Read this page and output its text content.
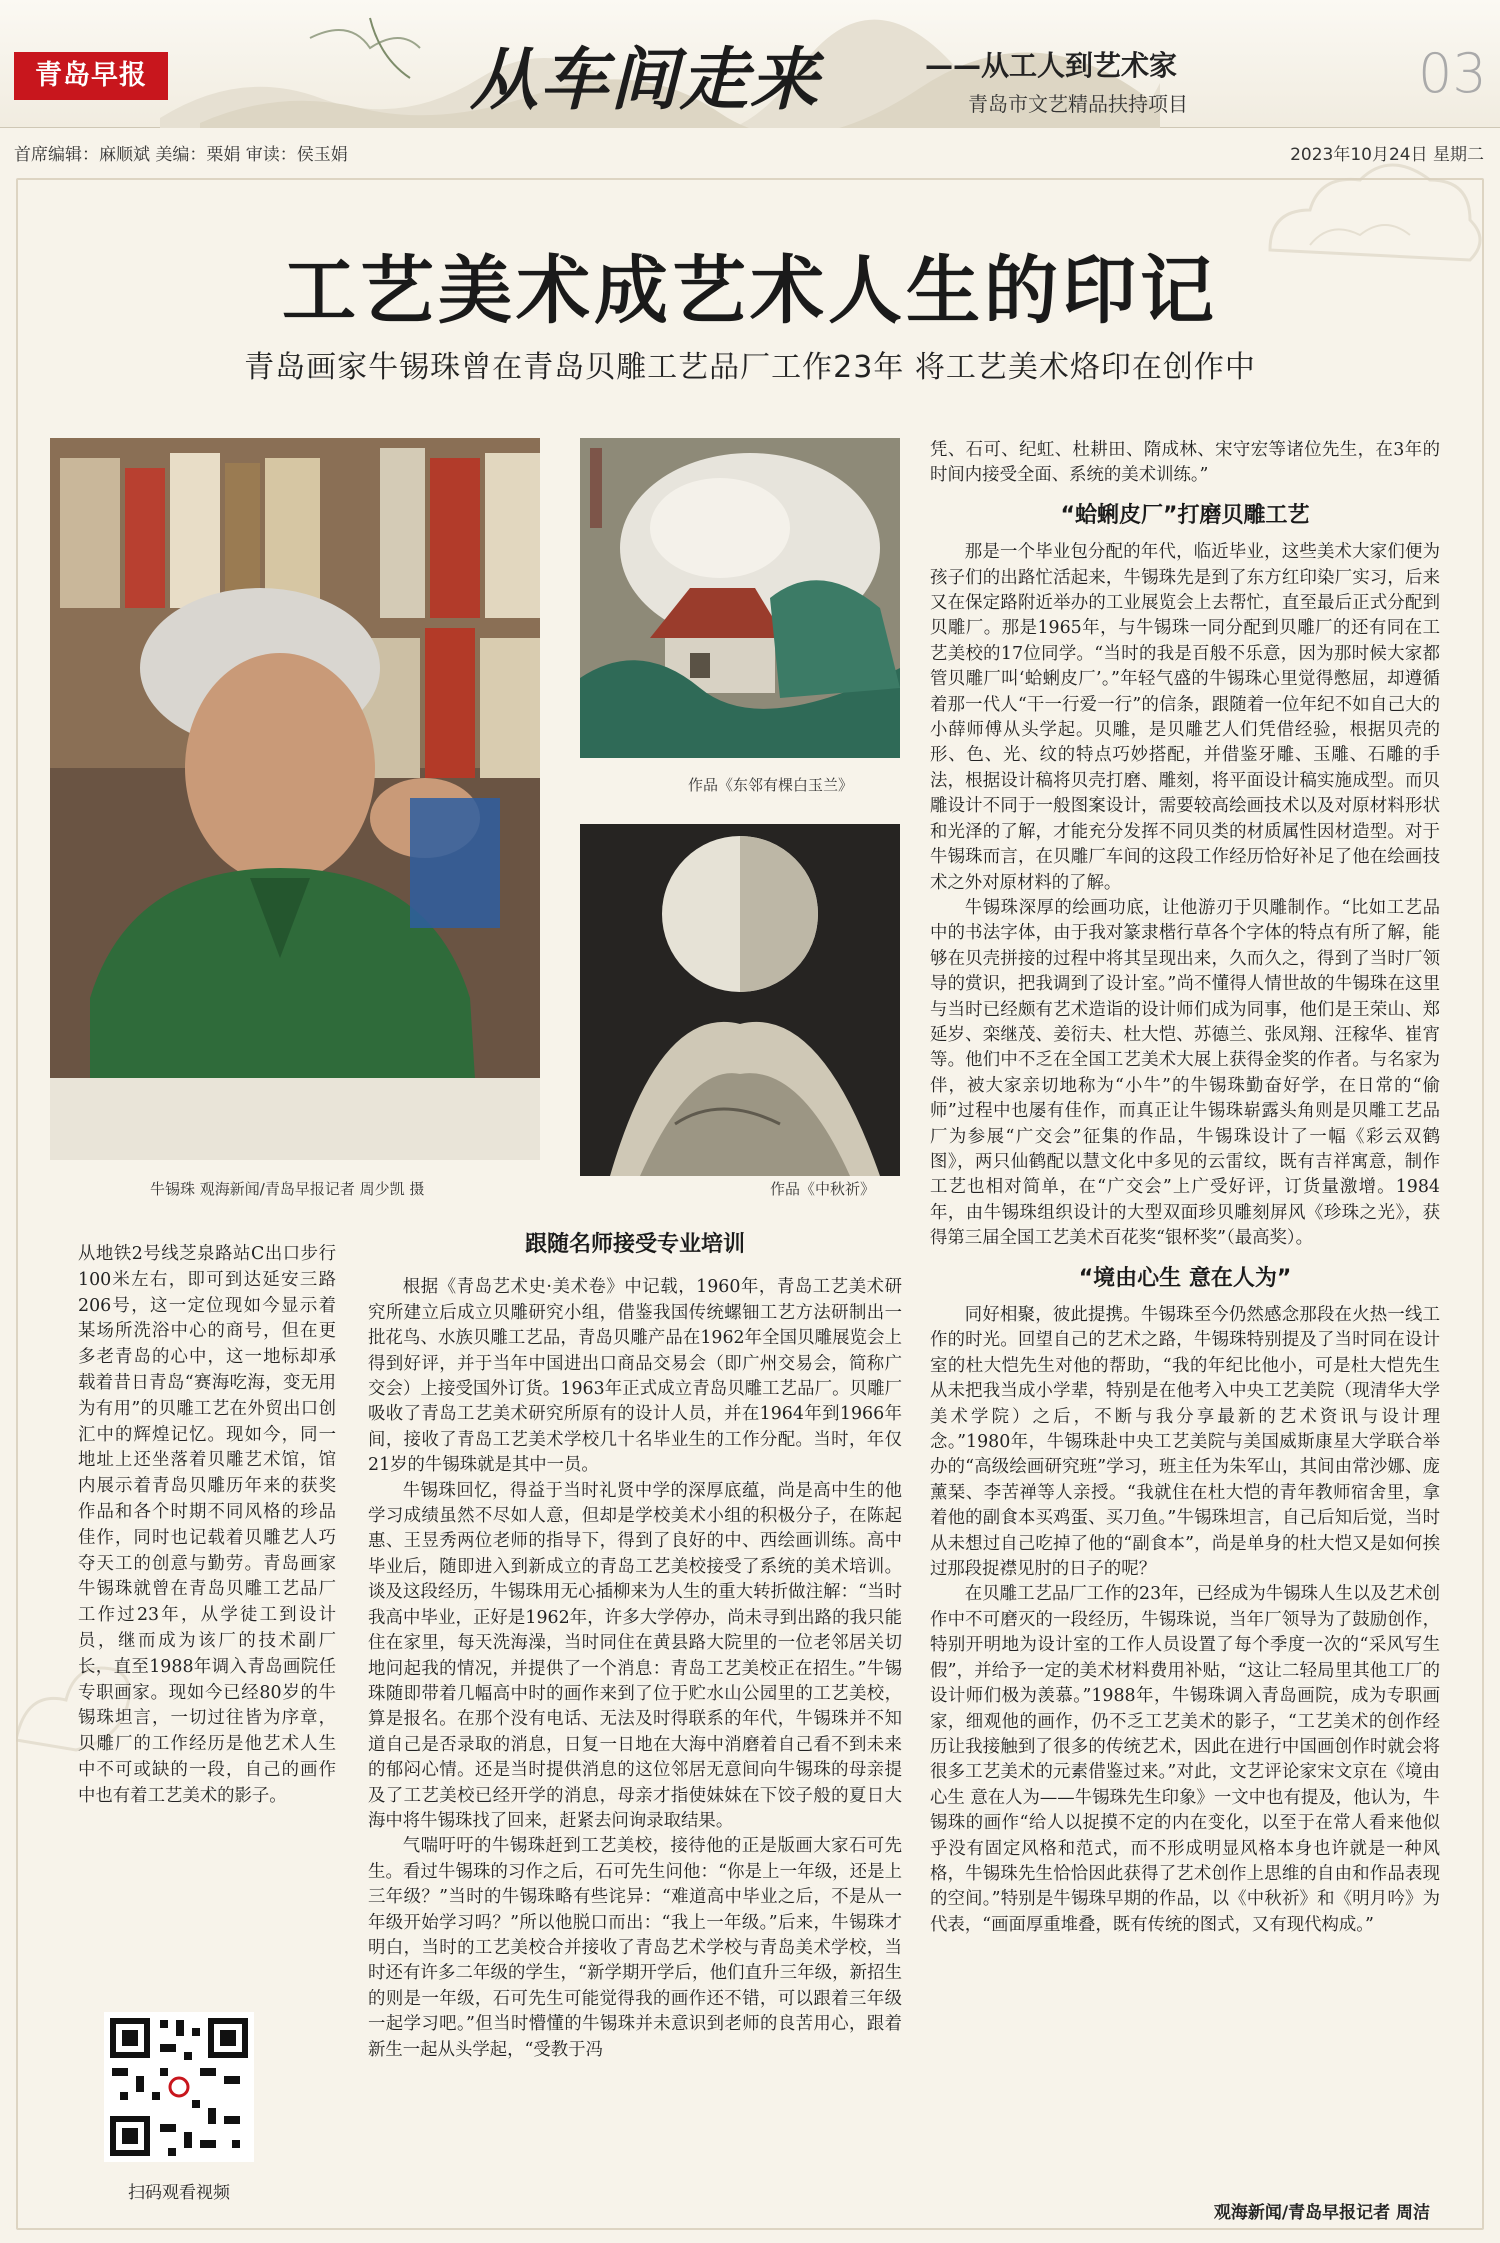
青岛早报	从车间走来	——从工人到艺术家
青岛市文艺精品扶持项目	03
首席编辑：麻顺斌 美编：栗娟 审读：侯玉娟	2023年10月24日 星期二
工艺美术成艺术人生的印记
青岛画家牛锡珠曾在青岛贝雕工艺品厂工作23年 将工艺美术烙印在创作中
牛锡珠 观海新闻/青岛早报记者 周少凯 摄
作品《东邻有棵白玉兰》
作品《中秋祈》
从地铁2号线芝泉路站C出口步行100米左右，即可到达延安三路206号，这一定位现如今显示着某场所洗浴中心的商号，但在更多老青岛的心中，这一地标却承载着昔日青岛“赛海吃海，变无用为有用”的贝雕工艺在外贸出口创汇中的辉煌记忆。现如今，同一地址上还坐落着贝雕艺术馆，馆内展示着青岛贝雕历年来的获奖作品和各个时期不同风格的珍品佳作，同时也记载着贝雕艺人巧夺天工的创意与勤劳。青岛画家牛锡珠就曾在青岛贝雕工艺品厂工作过23年，从学徒工到设计员，继而成为该厂的技术副厂长，直至1988年调入青岛画院任专职画家。现如今已经80岁的牛锡珠坦言，一切过往皆为序章，贝雕厂的工作经历是他艺术人生中不可或缺的一段，自己的画作中也有着工艺美术的影子。
扫码观看视频

跟随名师接受专业培训

根据《青岛艺术史·美术卷》中记载，1960年，青岛工艺美术研究所建立后成立贝雕研究小组，借鉴我国传统螺钿工艺方法研制出一批花鸟、水族贝雕工艺品，青岛贝雕产品在1962年全国贝雕展览会上得到好评，并于当年中国进出口商品交易会（即广州交易会，简称广交会）上接受国外订货。1963年正式成立青岛贝雕工艺品厂。贝雕厂吸收了青岛工艺美术研究所原有的设计人员，并在1964年到1966年间，接收了青岛工艺美术学校几十名毕业生的工作分配。当时，年仅21岁的牛锡珠就是其中一员。

牛锡珠回忆，得益于当时礼贤中学的深厚底蕴，尚是高中生的他学习成绩虽然不尽如人意，但却是学校美术小组的积极分子，在陈起惠、王昱秀两位老师的指导下，得到了良好的中、西绘画训练。高中毕业后，随即进入到新成立的青岛工艺美校接受了系统的美术培训。谈及这段经历，牛锡珠用无心插柳来为人生的重大转折做注解：“当时我高中毕业，正好是1962年，许多大学停办，尚未寻到出路的我只能住在家里，每天洗海澡，当时同住在黄县路大院里的一位老邻居关切地问起我的情况，并提供了一个消息：青岛工艺美校正在招生。”牛锡珠随即带着几幅高中时的画作来到了位于贮水山公园里的工艺美校，算是报名。在那个没有电话、无法及时得联系的年代，牛锡珠并不知道自己是否录取的消息，日复一日地在大海中消磨着自己看不到未来的郁闷心情。还是当时提供消息的这位邻居无意间向牛锡珠的母亲提及了工艺美校已经开学的消息，母亲才指使妹妹在下饺子般的夏日大海中将牛锡珠找了回来，赶紧去问询录取结果。

气喘吁吁的牛锡珠赶到工艺美校，接待他的正是版画大家石可先生。看过牛锡珠的习作之后，石可先生问他：“你是上一年级，还是上三年级？”当时的牛锡珠略有些诧异：“难道高中毕业之后，不是从一年级开始学习吗？”所以他脱口而出：“我上一年级。”后来，牛锡珠才明白，当时的工艺美校合并接收了青岛艺术学校与青岛美术学校，当时还有许多二年级的学生，“新学期开学后，他们直升三年级，新招生的则是一年级，石可先生可能觉得我的画作还不错，可以跟着三年级一起学习吧。”但当时懵懂的牛锡珠并未意识到老师的良苦用心，跟着新生一起从头学起，“受教于冯

凭、石可、纪虹、杜耕田、隋成林、宋守宏等诸位先生，在3年的时间内接受全面、系统的美术训练。”

“蛤蜊皮厂”打磨贝雕工艺

那是一个毕业包分配的年代，临近毕业，这些美术大家们便为孩子们的出路忙活起来，牛锡珠先是到了东方红印染厂实习，后来又在保定路附近举办的工业展览会上去帮忙，直至最后正式分配到贝雕厂。那是1965年，与牛锡珠一同分配到贝雕厂的还有同在工艺美校的17位同学。“当时的我是百般不乐意，因为那时候大家都管贝雕厂叫‘蛤蜊皮厂’。”年轻气盛的牛锡珠心里觉得憋屈，却遵循着那一代人“干一行爱一行”的信条，跟随着一位年纪不如自己大的小薛师傅从头学起。贝雕，是贝雕艺人们凭借经验，根据贝壳的形、色、光、纹的特点巧妙搭配，并借鉴牙雕、玉雕、石雕的手法，根据设计稿将贝壳打磨、雕刻，将平面设计稿实施成型。而贝雕设计不同于一般图案设计，需要较高绘画技术以及对原材料形状和光泽的了解，才能充分发挥不同贝类的材质属性因材造型。对于牛锡珠而言，在贝雕厂车间的这段工作经历恰好补足了他在绘画技术之外对原材料的了解。

牛锡珠深厚的绘画功底，让他游刃于贝雕制作。“比如工艺品中的书法字体，由于我对篆隶楷行草各个字体的特点有所了解，能够在贝壳拼接的过程中将其呈现出来，久而久之，得到了当时厂领导的赏识，把我调到了设计室。”尚不懂得人情世故的牛锡珠在这里与当时已经颇有艺术造诣的设计师们成为同事，他们是王荣山、郑延岁、栾继茂、姜衍夫、杜大恺、苏德兰、张凤翔、汪稼华、崔宵等。他们中不乏在全国工艺美术大展上获得金奖的作者。与名家为伴，被大家亲切地称为“小牛”的牛锡珠勤奋好学，在日常的“偷师”过程中也屡有佳作，而真正让牛锡珠崭露头角则是贝雕工艺品厂为参展“广交会”征集的作品，牛锡珠设计了一幅《彩云双鹤图》，两只仙鹤配以慧文化中多见的云雷纹，既有吉祥寓意，制作工艺也相对简单，在“广交会”上广受好评，订货量激增。1984年，由牛锡珠组织设计的大型双面珍贝雕刻屏风《珍珠之光》，获得第三届全国工艺美术百花奖“银杯奖”（最高奖）。

“境由心生 意在人为”

同好相聚，彼此提携。牛锡珠至今仍然感念那段在火热一线工作的时光。回望自己的艺术之路，牛锡珠特别提及了当时同在设计室的杜大恺先生对他的帮助，“我的年纪比他小，可是杜大恺先生从未把我当成小学辈，特别是在他考入中央工艺美院（现清华大学美术学院）之后，不断与我分享最新的艺术资讯与设计理念。”1980年，牛锡珠赴中央工艺美院与美国威斯康星大学联合举办的“高级绘画研究班”学习，班主任为朱军山，其间由常沙娜、庞薰琹、李苦禅等人亲授。“我就住在杜大恺的青年教师宿舍里，拿着他的副食本买鸡蛋、买刀鱼。”牛锡珠坦言，自己后知后觉，当时从未想过自己吃掉了他的“副食本”，尚是单身的杜大恺又是如何挨过那段捉襟见肘的日子的呢？

在贝雕工艺品厂工作的23年，已经成为牛锡珠人生以及艺术创作中不可磨灭的一段经历，牛锡珠说，当年厂领导为了鼓励创作，特别开明地为设计室的工作人员设置了每个季度一次的“采风写生假”，并给予一定的美术材料费用补贴，“这让二轻局里其他工厂的设计师们极为羡慕。”1988年，牛锡珠调入青岛画院，成为专职画家，细观他的画作，仍不乏工艺美术的影子，“工艺美术的创作经历让我接触到了很多的传统艺术，因此在进行中国画创作时就会将很多工艺美术的元素借鉴过来。”对此，文艺评论家宋文京在《境由心生 意在人为——牛锡珠先生印象》一文中也有提及，他认为，牛锡珠的画作“给人以捉摸不定的内在变化，以至于在常人看来他似乎没有固定风格和范式，而不形成明显风格本身也许就是一种风格，牛锡珠先生恰恰因此获得了艺术创作上思维的自由和作品表现的空间。”特别是牛锡珠早期的作品，以《中秋祈》和《明月吟》为代表，“画面厚重堆叠，既有传统的图式，又有现代构成。”

观海新闻/青岛早报记者 周洁
